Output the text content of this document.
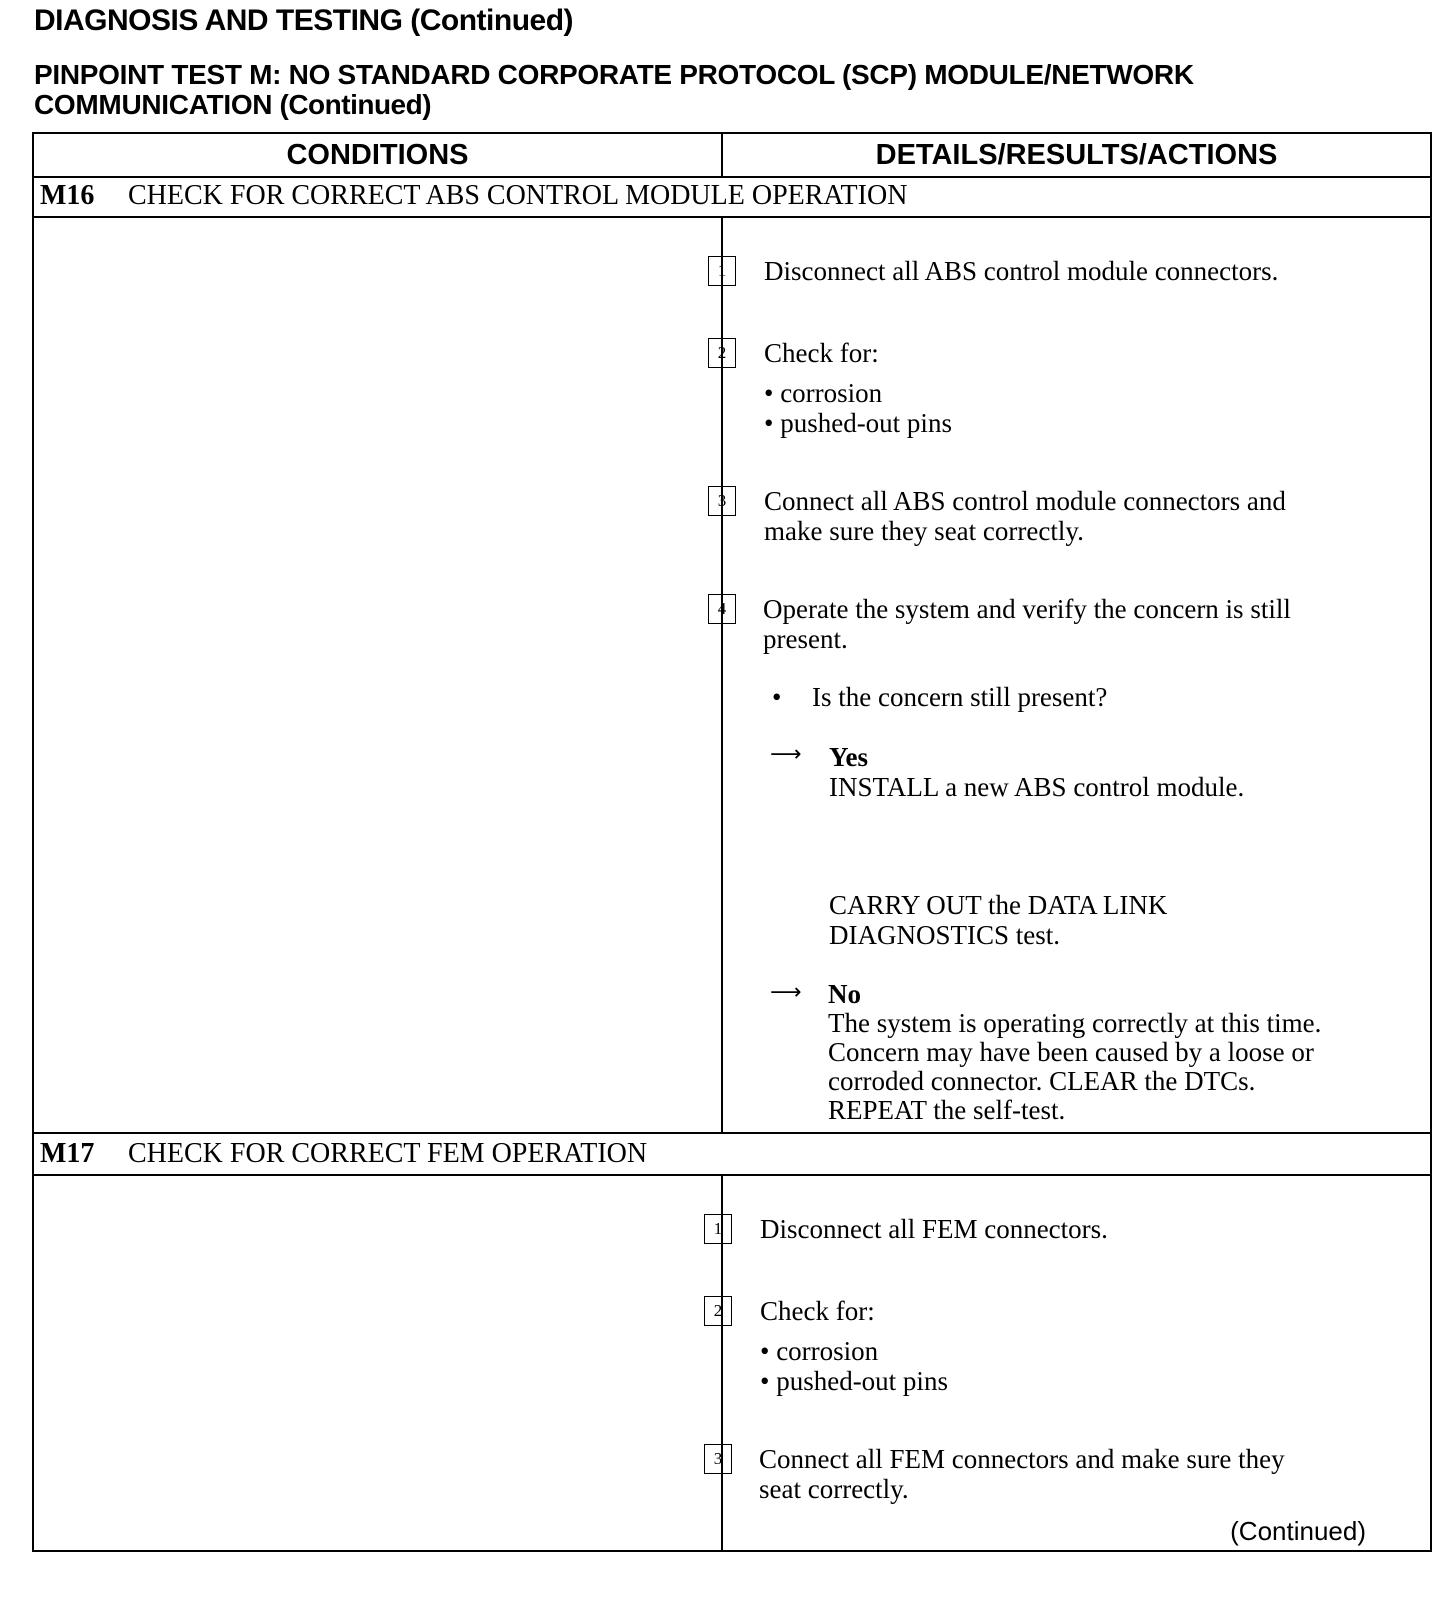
DIAGNOSIS AND TESTING (Continued)
PINPOINT TEST M: NO STANDARD CORPORATE PROTOCOL (SCP) MODULE/NETWORK
COMMUNICATION (Continued)
CONDITIONS	DETAILS/RESULTS/ACTIONS
M16	CHECK FOR CORRECT ABS CONTROL MODULE OPERATION
1	Disconnect all ABS control module connectors.
2	Check for:
• corrosion
• pushed-out pins
3	Connect all ABS control module connectors and
make sure they seat correctly.
4	Operate the system and verify the concern is still
present.
• Is the concern still present?
⟶ Yes
INSTALL a new ABS control module.
CARRY OUT the DATA LINK
DIAGNOSTICS test.
⟶ No
The system is operating correctly at this time.
Concern may have been caused by a loose or
corroded connector. CLEAR the DTCs.
REPEAT the self-test.
M17	CHECK FOR CORRECT FEM OPERATION
1	Disconnect all FEM connectors.
2	Check for:
• corrosion
• pushed-out pins
3	Connect all FEM connectors and make sure they
seat correctly.
(Continued)
